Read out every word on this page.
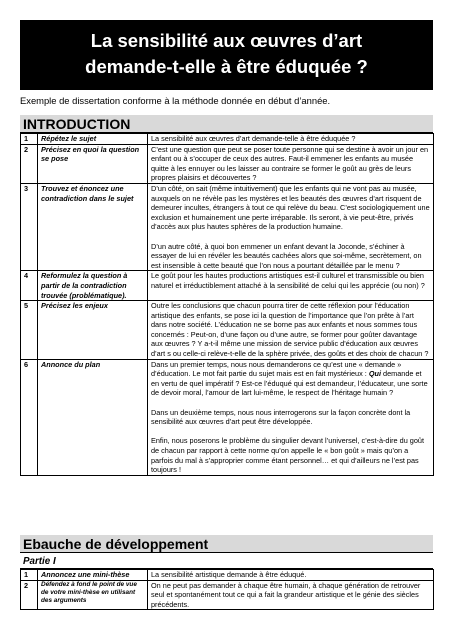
La sensibilité aux œuvres d’art
demande-t-elle à être éduquée ?
Exemple de dissertation conforme à la méthode donnée en début d’année.
INTRODUCTION
1	Répétez le sujet	La sensibilité aux œuvres d’art demande-telle à être éduquée ?

2	Précisez en quoi la question se pose	C’est une question que peut se poser toute personne qui se destine à avoir un jour en enfant ou à s’occuper de ceux des autres. Faut-il emmener les enfants au musée quitte à les ennuyer ou les laisser au contraire se former le goût au grès de leurs propres plaisirs et découvertes ?

3	Trouvez et énoncez une contradiction dans le sujet	D’un côté, on sait (même intuitivement) que les enfants qui ne vont pas au musée, auxquels on ne révèle pas les mystères et les beautés des œuvres d’art risquent de demeurer incultes, étrangers à tout ce qui relève du beau. C’est sociologiquement une exclusion et humainement une perte irréparable. Ils seront, à vie peut-être, privés d’accès aux plus hautes sphères de la production humaine.

D’un autre côté, à quoi bon emmener un enfant devant la Joconde, s’échiner à essayer de lui en révéler les beautés cachées alors que soi-même, secrètement, on est insensible à cette beauté que l’on nous a pourtant détaillée par le menu ?

4	Reformulez la question à partir de la contradiction trouvée (problématique).	Le goût pour les hautes productions artistiques est-il culturel et transmissible ou bien naturel et irréductiblement attaché à la sensibilité de celui qui les apprécie (ou non) ?

5	Précisez les enjeux	Outre les conclusions que chacun pourra tirer de cette réflexion pour l’éducation artistique des enfants, se pose ici la question de l’importance que l’on prête à l’art dans notre société. L’éducation ne se borne pas aux enfants et nous sommes tous concernés : Peut-on, d’une façon ou d’une autre, se former pour goûter davantage aux œuvres ? Y a-t-il même une mission de service public d’éducation aux œuvres d’art s ou celle-ci relève-t-elle de la sphère privée, des goûts et des choix de chacun ?

6	Annonce du plan	Dans un premier temps, nous nous demanderons ce qu’est une « demande » d’éducation. Le mot fait partie du sujet mais est en fait mystérieux : Qui demande et en vertu de quel impératif ? Est-ce l’éduqué qui est demandeur, l’éducateur, une sorte de devoir moral, l’amour de lart lui-même, le respect de l’héritage humain ?

Dans un deuxième temps, nous nous interrogerons sur la façon concrète dont la sensibilité aux œuvres d’art peut être développée.

Enfin, nous poserons le problème du singulier devant l’universel, c’est-à-dire du goût de chacun par rapport à cette norme qu’on appelle le « bon goût » mais qu’on a parfois du mal à s’approprier comme étant personnel… et qui d’ailleurs ne l’est pas toujours !

Ebauche de développement
Partie I
1	Annoncez une mini-thèse	La sensibilité artistique demande à être éduqué.

2	Défendez à fond le point de vue de votre mini-thèse en utilisant des arguments	On ne peut pas demander à chaque être humain, à chaque génération de retrouver seul et spontanément tout ce qui a fait la grandeur artistique et le génie des siècles précédents.
